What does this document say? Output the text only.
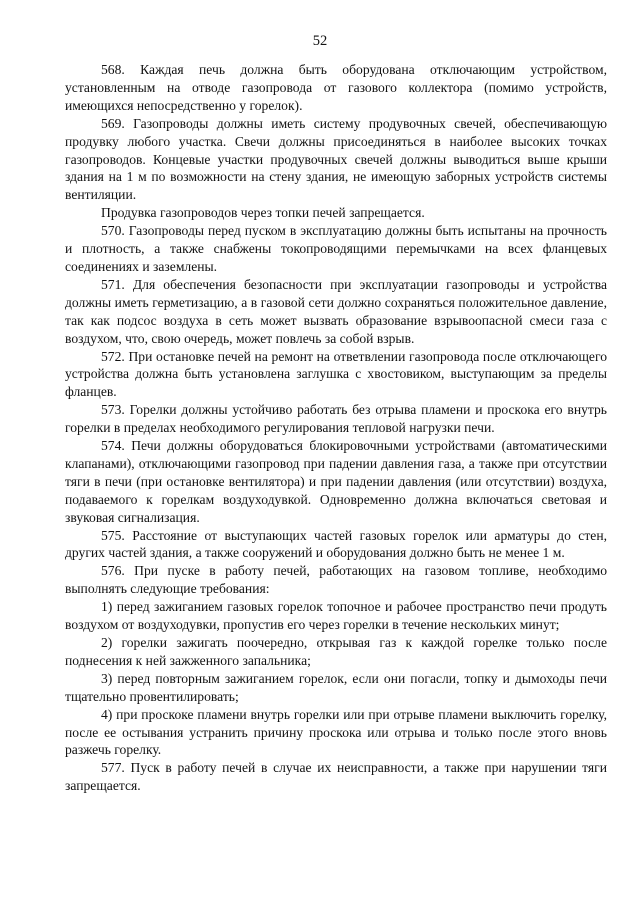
52

568. Каждая печь должна быть оборудована отключающим устройством, установленным на отводе газопровода от газового коллектора (помимо устройств, имеющихся непосредственно у горелок).

569. Газопроводы должны иметь систему продувочных свечей, обеспечивающую продувку любого участка. Свечи должны присоединяться в наиболее высоких точках газопроводов. Концевые участки продувочных свечей должны выводиться выше крыши здания на 1 м по возможности на стену здания, не имеющую заборных устройств системы вентиляции.

Продувка газопроводов через топки печей запрещается.

570. Газопроводы перед пуском в эксплуатацию должны быть испытаны на прочность и плотность, а также снабжены токопроводящими перемычками на всех фланцевых соединениях и заземлены.

571. Для обеспечения безопасности при эксплуатации газопроводы и устройства должны иметь герметизацию, а в газовой сети должно сохраняться положительное давление, так как подсос воздуха в сеть может вызвать образование взрывоопасной смеси газа с воздухом, что, свою очередь, может повлечь за собой взрыв.

572. При остановке печей на ремонт на ответвлении газопровода после отключающего устройства должна быть установлена заглушка с хвостовиком, выступающим за пределы фланцев.

573. Горелки должны устойчиво работать без отрыва пламени и проскока его внутрь горелки в пределах необходимого регулирования тепловой нагрузки печи.

574. Печи должны оборудоваться блокировочными устройствами (автоматическими клапанами), отключающими газопровод при падении давления газа, а также при отсутствии тяги в печи (при остановке вентилятора) и при падении давления (или отсутствии) воздуха, подаваемого к горелкам воздуходувкой. Одновременно должна включаться световая и звуковая сигнализация.

575. Расстояние от выступающих частей газовых горелок или арматуры до стен, других частей здания, а также сооружений и оборудования должно быть не менее 1 м.

576. При пуске в работу печей, работающих на газовом топливе, необходимо выполнять следующие требования:

1) перед зажиганием газовых горелок топочное и рабочее пространство печи продуть воздухом от воздуходувки, пропустив его через горелки в течение нескольких минут;

2) горелки зажигать поочередно, открывая газ к каждой горелке только после поднесения к ней зажженного запальника;

3) перед повторным зажиганием горелок, если они погасли, топку и дымоходы печи тщательно провентилировать;

4) при проскоке пламени внутрь горелки или при отрыве пламени выключить горелку, после ее остывания устранить причину проскока или отрыва и только после этого вновь разжечь горелку.

577. Пуск в работу печей в случае их неисправности, а также при нарушении тяги запрещается.
